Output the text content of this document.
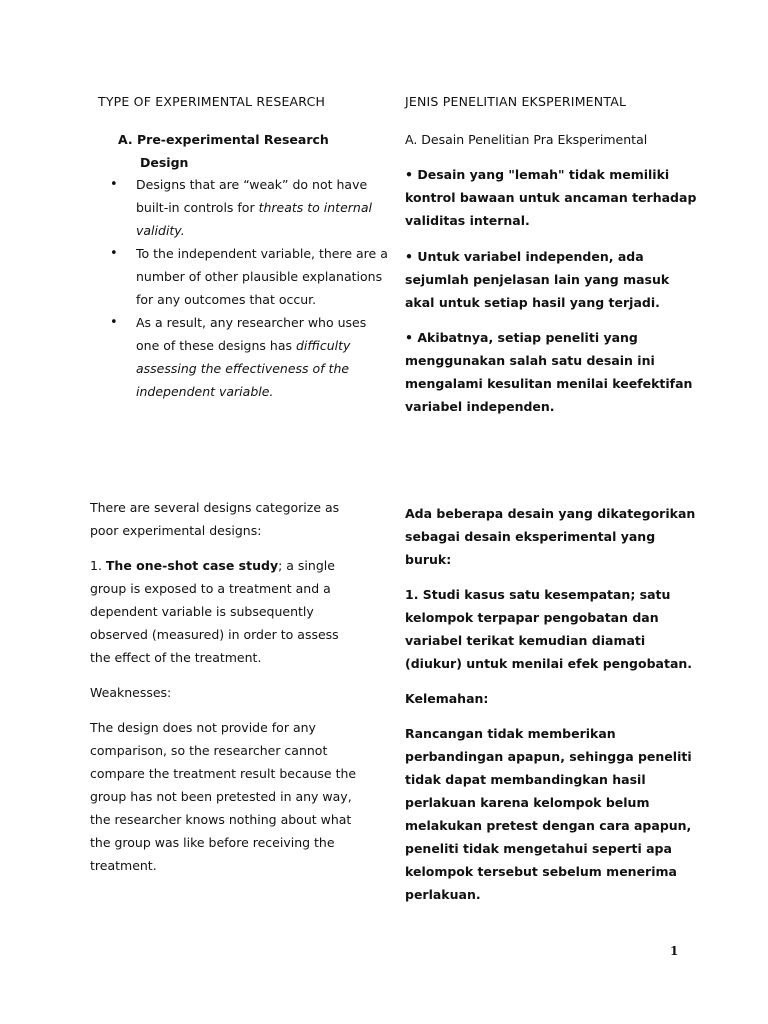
TYPE OF EXPERIMENTAL RESEARCH
A. Pre-experimental Research
Design
• Designs that are “weak” do not have built-in controls for threats to internal validity.
• To the independent variable, there are a number of other plausible explanations for any outcomes that occur.
• As a result, any researcher who uses one of these designs has difficulty assessing the effectiveness of the independent variable.
There are several designs categorize as poor experimental designs:
1. The one-shot case study; a single group is exposed to a treatment and a dependent variable is subsequently observed (measured) in order to assess the effect of the treatment.
Weaknesses:
The design does not provide for any comparison, so the researcher cannot compare the treatment result because the group has not been pretested in any way, the researcher knows nothing about what the group was like before receiving the treatment.
JENIS PENELITIAN EKSPERIMENTAL
A. Desain Penelitian Pra Eksperimental
• Desain yang "lemah" tidak memiliki kontrol bawaan untuk ancaman terhadap validitas internal.
• Untuk variabel independen, ada sejumlah penjelasan lain yang masuk akal untuk setiap hasil yang terjadi.
• Akibatnya, setiap peneliti yang menggunakan salah satu desain ini mengalami kesulitan menilai keefektifan variabel independen.
Ada beberapa desain yang dikategorikan sebagai desain eksperimental yang buruk:
1. Studi kasus satu kesempatan; satu kelompok terpapar pengobatan dan variabel terikat kemudian diamati (diukur) untuk menilai efek pengobatan.
Kelemahan:
Rancangan tidak memberikan perbandingan apapun, sehingga peneliti tidak dapat membandingkan hasil perlakuan karena kelompok belum melakukan pretest dengan cara apapun, peneliti tidak mengetahui seperti apa kelompok tersebut sebelum menerima perlakuan.
1
